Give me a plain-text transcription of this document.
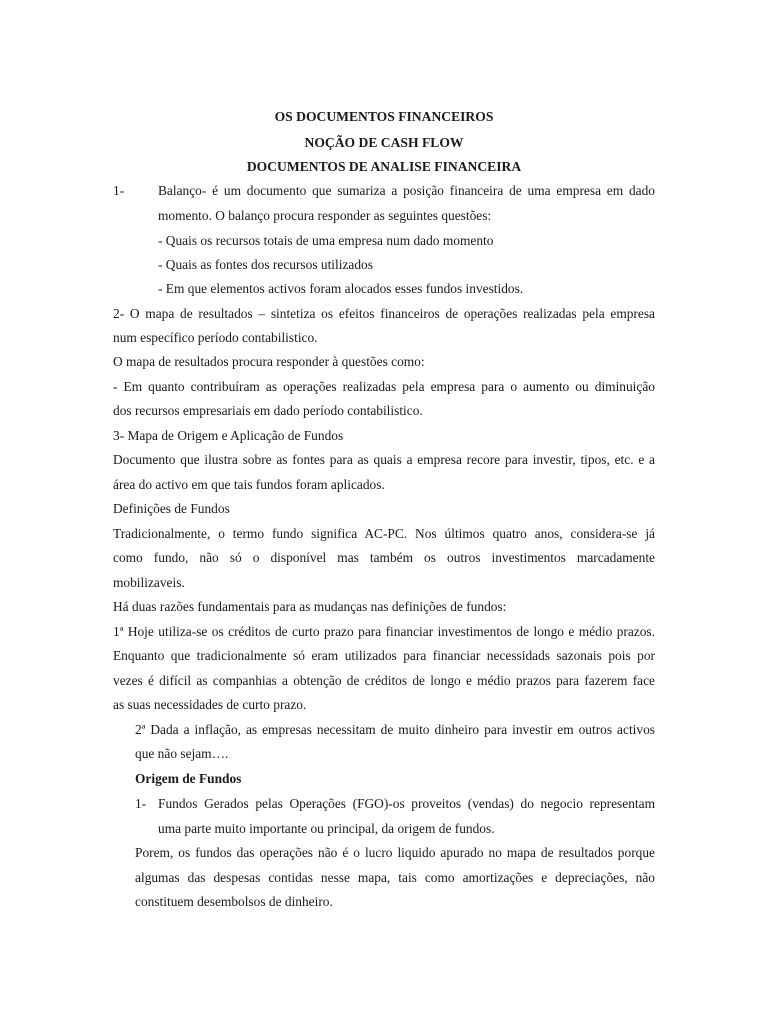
OS DOCUMENTOS FINANCEIROS
NOÇÃO DE CASH FLOW
DOCUMENTOS DE ANALISE FINANCEIRA
1-	Balanço- é um documento que sumariza a posição financeira de uma empresa em dado
momento. O balanço procura responder as seguintes questões:
- Quais os recursos totais de uma empresa num dado momento
- Quais as fontes dos recursos utilizados
- Em que elementos activos foram alocados esses fundos investidos.
2- O mapa de resultados – sintetiza os efeitos financeiros de operações realizadas pela empresa
num específico período contabilistico.
O mapa de resultados procura responder à questões como:
- Em quanto contribuíram as operações realizadas pela empresa para o aumento ou diminuição
dos recursos empresariais em dado período contabilistico.
3- Mapa de Origem e Aplicação de Fundos
Documento que ilustra sobre as fontes para as quais a empresa recore para investir, tipos, etc. e a
área do activo em que tais fundos foram aplicados.
Definições de Fundos
Tradicionalmente, o termo fundo significa AC-PC. Nos últimos quatro anos, considera-se já
como fundo, não só o disponível mas também os outros investimentos marcadamente
mobilizaveis.
Há duas razões fundamentais para as mudanças nas definições de fundos:
1ª Hoje utiliza-se os créditos de curto prazo para financiar investimentos de longo e médio prazos.
Enquanto que tradicionalmente só eram utilizados para financiar necessidads sazonais pois por
vezes é difícil as companhias a obtenção de créditos de longo e médio prazos para fazerem face
as suas necessidades de curto prazo.
2ª Dada a inflação, as empresas necessitam de muito dinheiro para investir em outros activos
que não sejam….
Origem de Fundos
1- Fundos Gerados pelas Operações (FGO)-os proveitos (vendas) do negocio representam
uma parte muito importante ou principal, da origem de fundos.
Porem, os fundos das operações não é o lucro liquido apurado no mapa de resultados porque
algumas das despesas contidas nesse mapa, tais como amortizações e depreciações, não
constituem desembolsos de dinheiro.
